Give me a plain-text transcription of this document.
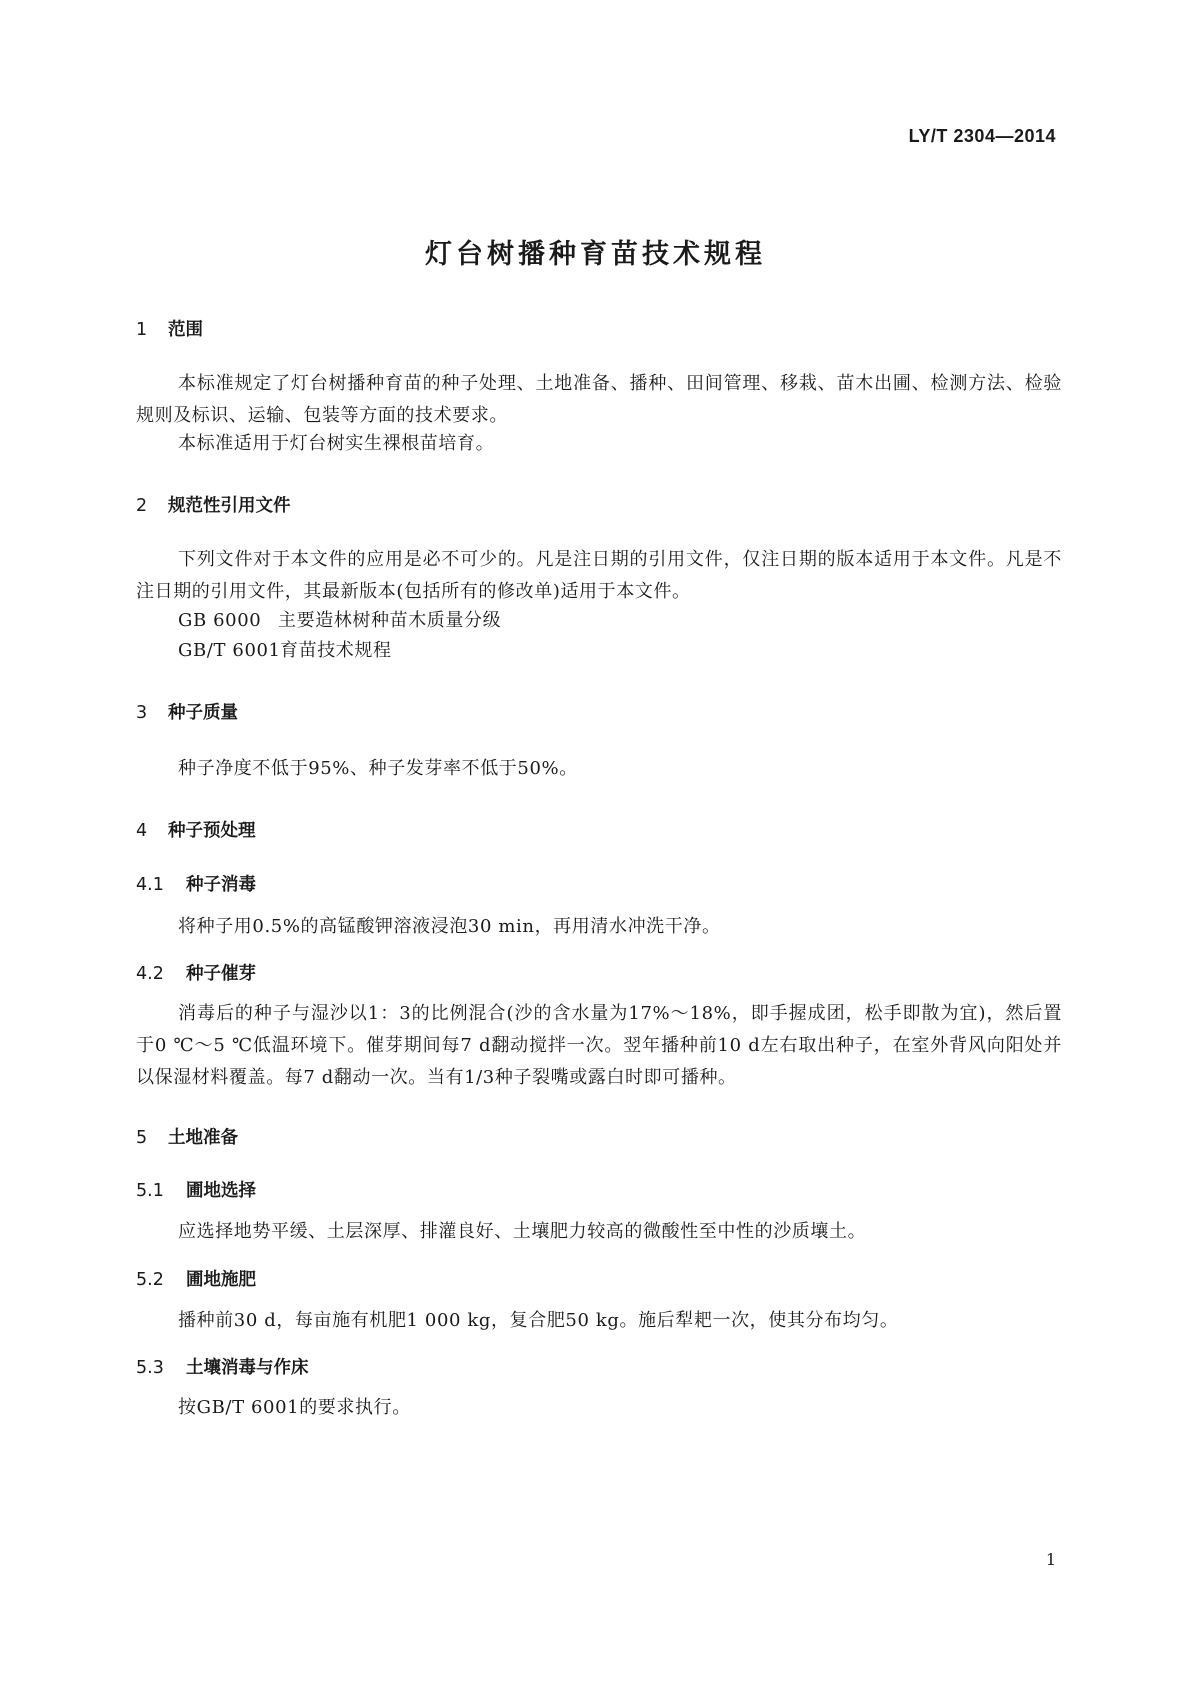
LY/T 2304—2014
灯台树播种育苗技术规程
1 范围
本标准规定了灯台树播种育苗的种子处理、土地准备、播种、田间管理、移栽、苗木出圃、检测方法、检验规则及标识、运输、包装等方面的技术要求。
本标准适用于灯台树实生裸根苗培育。
2 规范性引用文件
下列文件对于本文件的应用是必不可少的。凡是注日期的引用文件，仅注日期的版本适用于本文件。凡是不注日期的引用文件，其最新版本(包括所有的修改单)适用于本文件。
GB 6000 主要造林树种苗木质量分级
GB/T 6001育苗技术规程
3 种子质量
种子净度不低于95%、种子发芽率不低于50%。
4 种子预处理
4.1 种子消毒
将种子用0.5%的高锰酸钾溶液浸泡30 min，再用清水冲洗干净。
4.2 种子催芽
消毒后的种子与湿沙以1：3的比例混合(沙的含水量为17%～18%，即手握成团，松手即散为宜)，然后置于0 ℃～5 ℃低温环境下。催芽期间每7 d翻动搅拌一次。翌年播种前10 d左右取出种子，在室外背风向阳处并以保湿材料覆盖。每7 d翻动一次。当有1/3种子裂嘴或露白时即可播种。
5 土地准备
5.1 圃地选择
应选择地势平缓、土层深厚、排灌良好、土壤肥力较高的微酸性至中性的沙质壤土。
5.2 圃地施肥
播种前30 d，每亩施有机肥1 000 kg，复合肥50 kg。施后犁耙一次，使其分布均匀。
5.3 土壤消毒与作床
按GB/T 6001的要求执行。
1
